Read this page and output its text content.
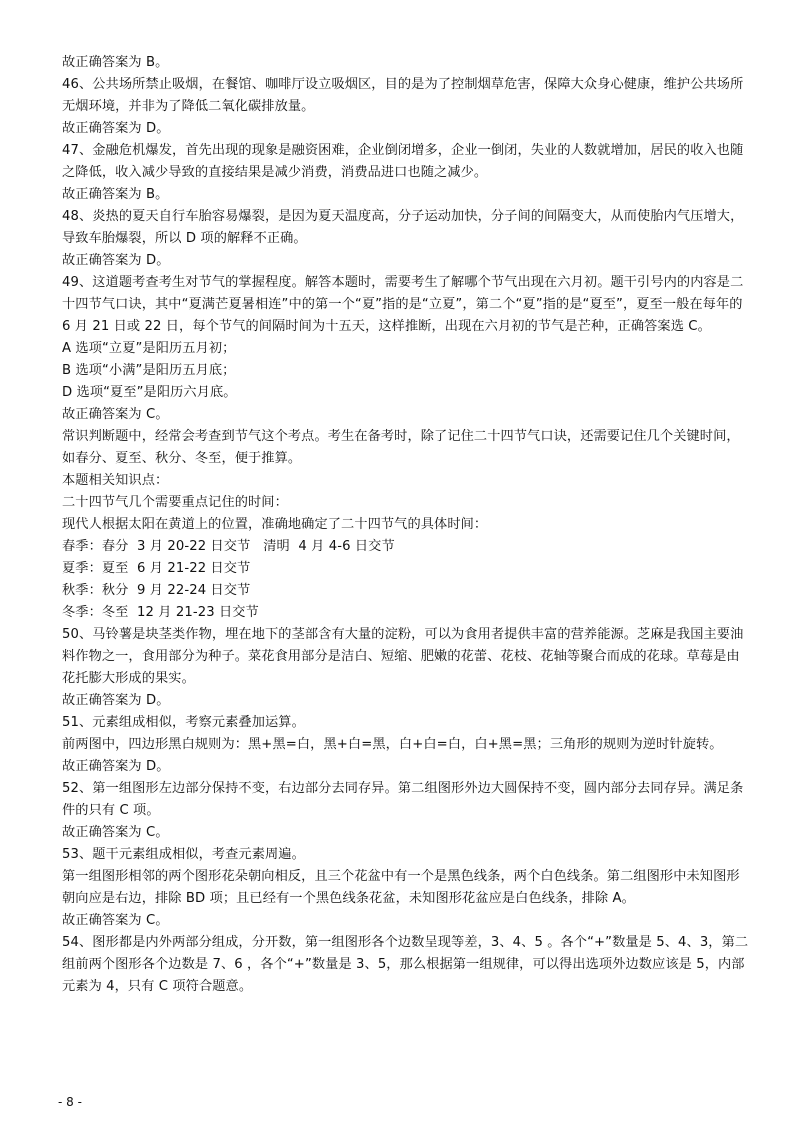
故正确答案为 B。

46、公共场所禁止吸烟，在餐馆、咖啡厅设立吸烟区，目的是为了控制烟草危害，保障大众身心健康，维护公共场所无烟环境，并非为了降低二氧化碳排放量。

故正确答案为 D。

47、金融危机爆发，首先出现的现象是融资困难，企业倒闭增多，企业一倒闭，失业的人数就增加，居民的收入也随之降低，收入减少导致的直接结果是减少消费，消费品进口也随之减少。

故正确答案为 B。

48、炎热的夏天自行车胎容易爆裂，是因为夏天温度高，分子运动加快，分子间的间隔变大，从而使胎内气压增大，导致车胎爆裂，所以 D 项的解释不正确。

故正确答案为 D。

49、这道题考查考生对节气的掌握程度。解答本题时，需要考生了解哪个节气出现在六月初。题干引号内的内容是二十四节气口诀，其中“夏满芒夏暑相连”中的第一个“夏”指的是“立夏”，第二个“夏”指的是“夏至”，夏至一般在每年的 6 月 21 日或 22 日，每个节气的间隔时间为十五天，这样推断，出现在六月初的节气是芒种，正确答案选 C。

A 选项“立夏”是阳历五月初；

B 选项“小满”是阳历五月底；

D 选项“夏至”是阳历六月底。

故正确答案为 C。

常识判断题中，经常会考查到节气这个考点。考生在备考时，除了记住二十四节气口诀，还需要记住几个关键时间，如春分、夏至、秋分、冬至，便于推算。

本题相关知识点：

二十四节气几个需要重点记住的时间：

现代人根据太阳在黄道上的位置，准确地确定了二十四节气的具体时间：

春季：春分  3 月 20-22 日交节   清明  4 月 4-6 日交节

夏季：夏至  6 月 21-22 日交节

秋季：秋分  9 月 22-24 日交节

冬季：冬至  12 月 21-23 日交节

50、马铃薯是块茎类作物，埋在地下的茎部含有大量的淀粉，可以为食用者提供丰富的营养能源。芝麻是我国主要油料作物之一，食用部分为种子。菜花食用部分是洁白、短缩、肥嫩的花蕾、花枝、花轴等聚合而成的花球。草莓是由花托膨大形成的果实。

故正确答案为 D。

51、元素组成相似，考察元素叠加运算。

前两图中，四边形黑白规则为：黑+黑=白，黑+白=黑，白+白=白，白+黑=黑；三角形的规则为逆时针旋转。

故正确答案为 D。

52、第一组图形左边部分保持不变，右边部分去同存异。第二组图形外边大圆保持不变，圆内部分去同存异。满足条件的只有 C 项。

故正确答案为 C。

53、题干元素组成相似，考查元素周遍。

第一组图形相邻的两个图形花朵朝向相反，且三个花盆中有一个是黑色线条，两个白色线条。第二组图形中未知图形朝向应是右边，排除 BD 项；且已经有一个黑色线条花盆，未知图形花盆应是白色线条，排除 A。

故正确答案为 C。

54、图形都是内外两部分组成，分开数，第一组图形各个边数呈现等差，3、4、5 。各个“+”数量是 5、4、3，第二组前两个图形各个边数是 7、6 ，各个“+”数量是 3、5，那么根据第一组规律，可以得出选项外边数应该是 5，内部元素为 4，只有 C 项符合题意。

- 8 -
